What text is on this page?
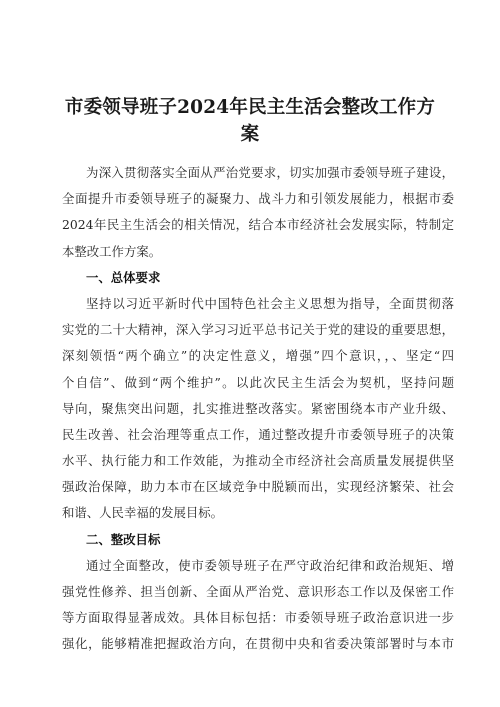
市委领导班子2024年民主生活会整改工作方
案
为深入贯彻落实全面从严治党要求，切实加强市委领导班子建设，
全面提升市委领导班子的凝聚力、战斗力和引领发展能力，根据市委
2024年民主生活会的相关情况，结合本市经济社会发展实际，特制定
本整改工作方案。
一、总体要求
坚持以习近平新时代中国特色社会主义思想为指导，全面贯彻落
实党的二十大精神，深入学习习近平总书记关于党的建设的重要思想，
深刻领悟“两个确立”的决定性意义，增强”四个意识，，、坚定“四
个自信”、做到“两个维护”。以此次民主生活会为契机，坚持问题
导向，聚焦突出问题，扎实推进整改落实。紧密围绕本市产业升级、
民生改善、社会治理等重点工作，通过整改提升市委领导班子的决策
水平、执行能力和工作效能，为推动全市经济社会高质量发展提供坚
强政治保障，助力本市在区域竞争中脱颖而出，实现经济繁荣、社会
和谐、人民幸福的发展目标。
二、整改目标
通过全面整改，使市委领导班子在严守政治纪律和政治规矩、增
强党性修养、担当创新、全面从严治党、意识形态工作以及保密工作
等方面取得显著成效。具体目标包括：市委领导班子政治意识进一步
强化，能够精准把握政治方向，在贯彻中央和省委决策部署时与本市
